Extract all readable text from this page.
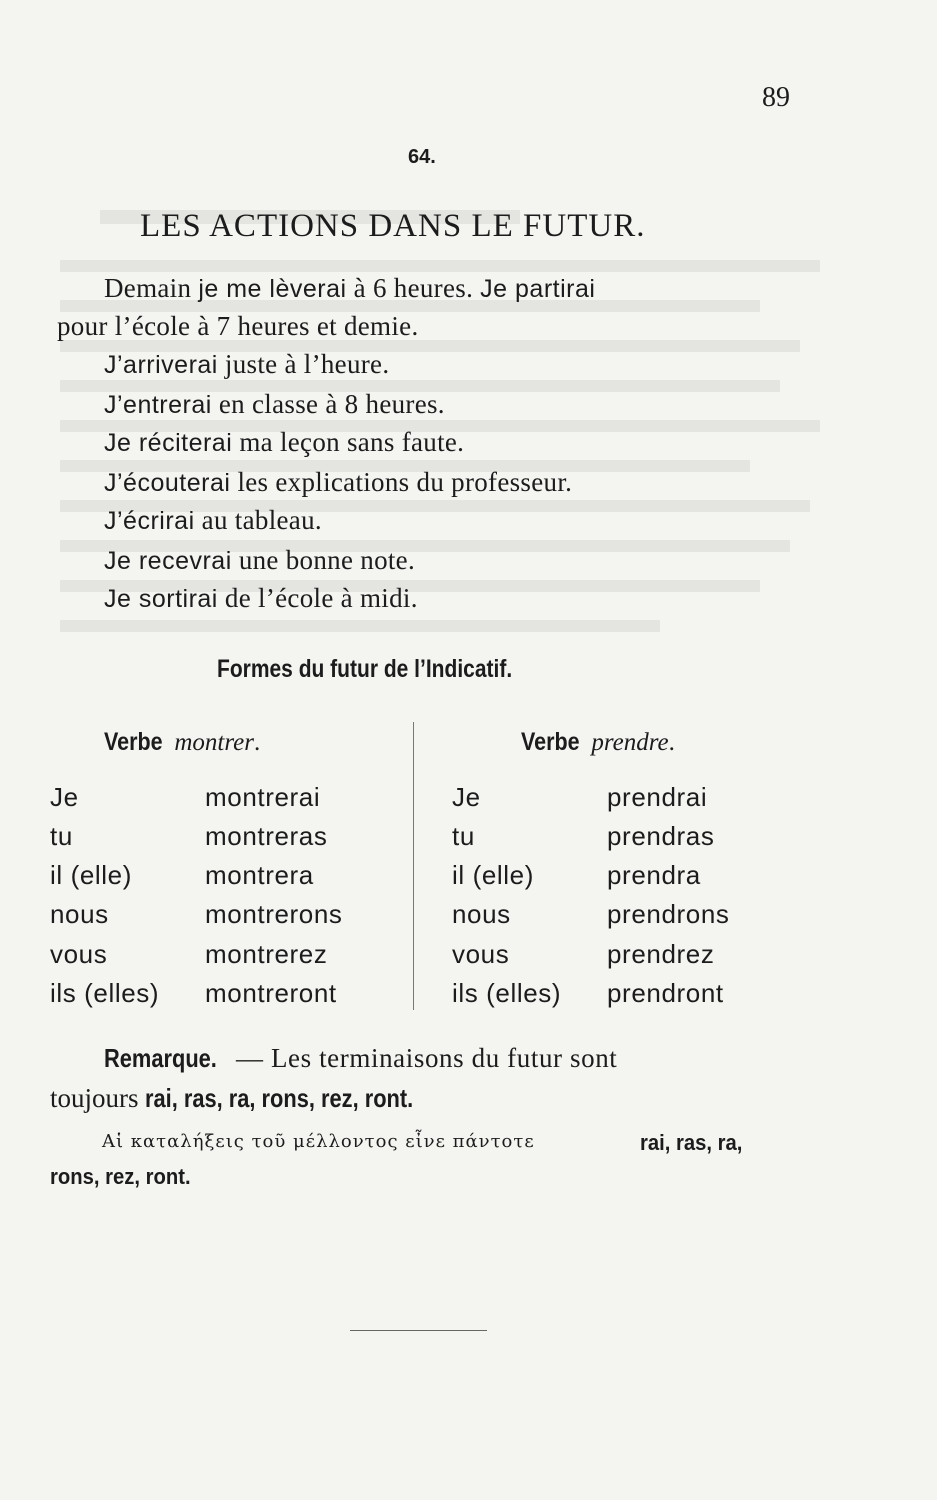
89
64.
LES ACTIONS DANS LE FUTUR.
Demain je me lèverai à 6 heures. Je partirai
pour l’école à 7 heures et demie.
J’arriverai juste à l’heure.
J’entrerai en classe à 8 heures.
Je réciterai ma leçon sans faute.
J’écouterai les explications du professeur.
J’écrirai au tableau.
Je recevrai une bonne note.
Je sortirai de l’école à midi.
Formes du futur de l’Indicatif.
Verbe montrer.	Verbe prendre.
Je	montrerai
tu	montreras
il (elle)	montrera
nous	montrerons
vous	montrerez
ils (elles) montreront
Je	prendrai
tu	prendras
il (elle)	prendra
nous	prendrons
vous	prendrez
ils (elles) prendront
Remarque. — Les terminaisons du futur sont
toujours rai, ras, ra, rons, rez, ront.
Αἱ καταλήξεις τοῦ μέλλοντος εἶνε πάντοτε	rai, ras, ra,
rons, rez, ront.
